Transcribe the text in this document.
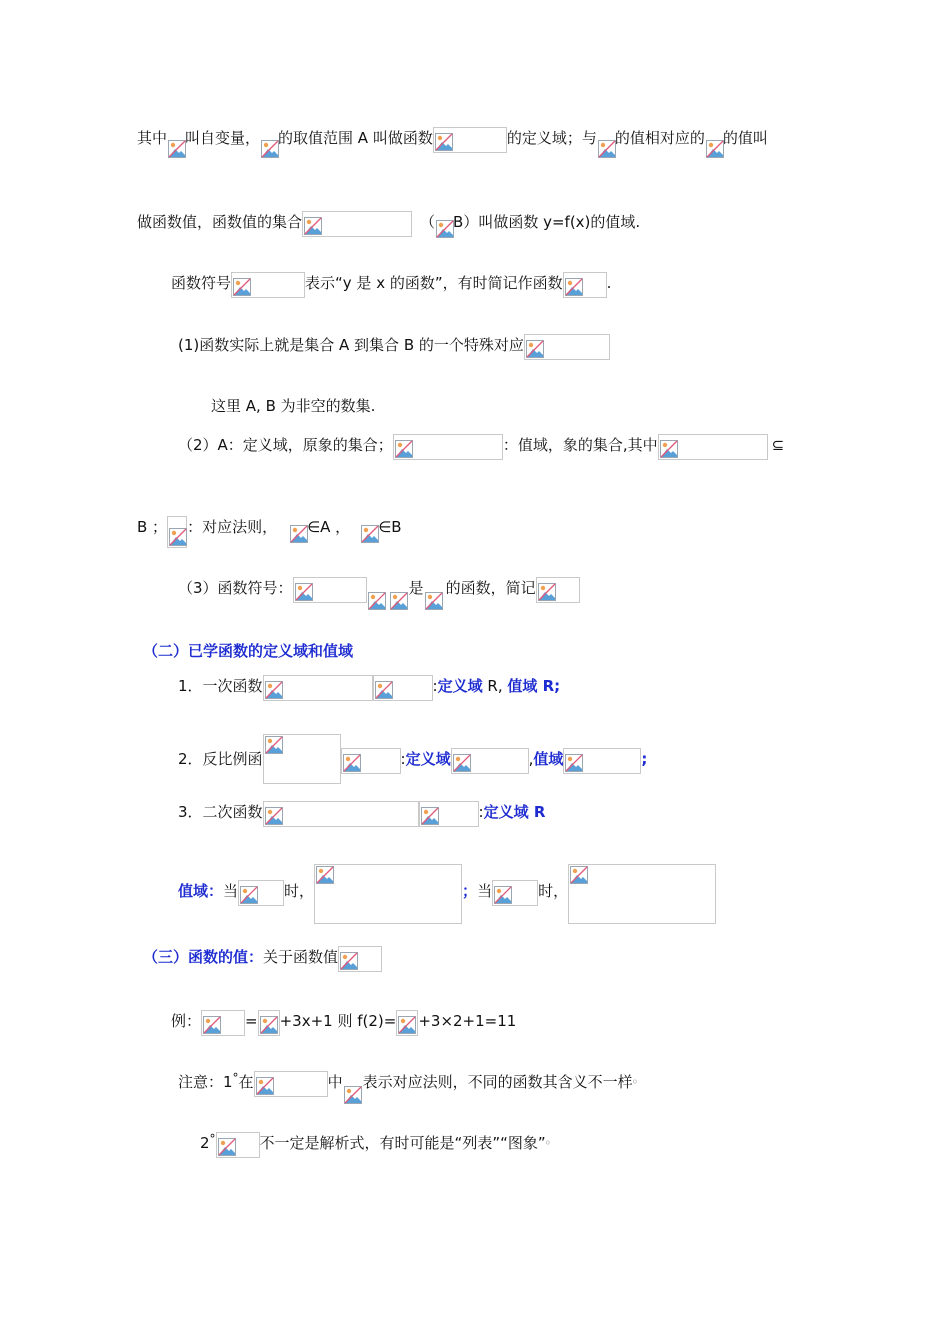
其中 叫自变量， 的取值范围 A 叫做函数	的定义域；与 的值相对应的 的值叫
做函数值，函数值的集合	（ B）叫做函数 y=f(x)的值域.
函数符号	表示“y 是 x 的函数”，有时简记作函数	.
(1)函数实际上就是集合 A 到集合 B 的一个特殊对应
这里 A, B 为非空的数集.
（2）A：定义域，原象的集合；	：值域，象的集合,其中	⊆
B ； ：对应法则， ∈A ， ∈B
（3）函数符号：	是 的函数，简记
（二）已学函数的定义域和值域
1．一次函数	:定义域 R, 值域 R;
2．反比例函	:定义域	,值域	;
3．二次函数	:定义域 R
值域：当	时，	；当	时，
（三）函数的值：关于函数值
例：	= +3x+1 则 f(2)= +3×2+1=11
注意：1°在	中 表示对应法则，不同的函数其含义不一样。
2°	不一定是解析式，有时可能是“列表”“图象”。
